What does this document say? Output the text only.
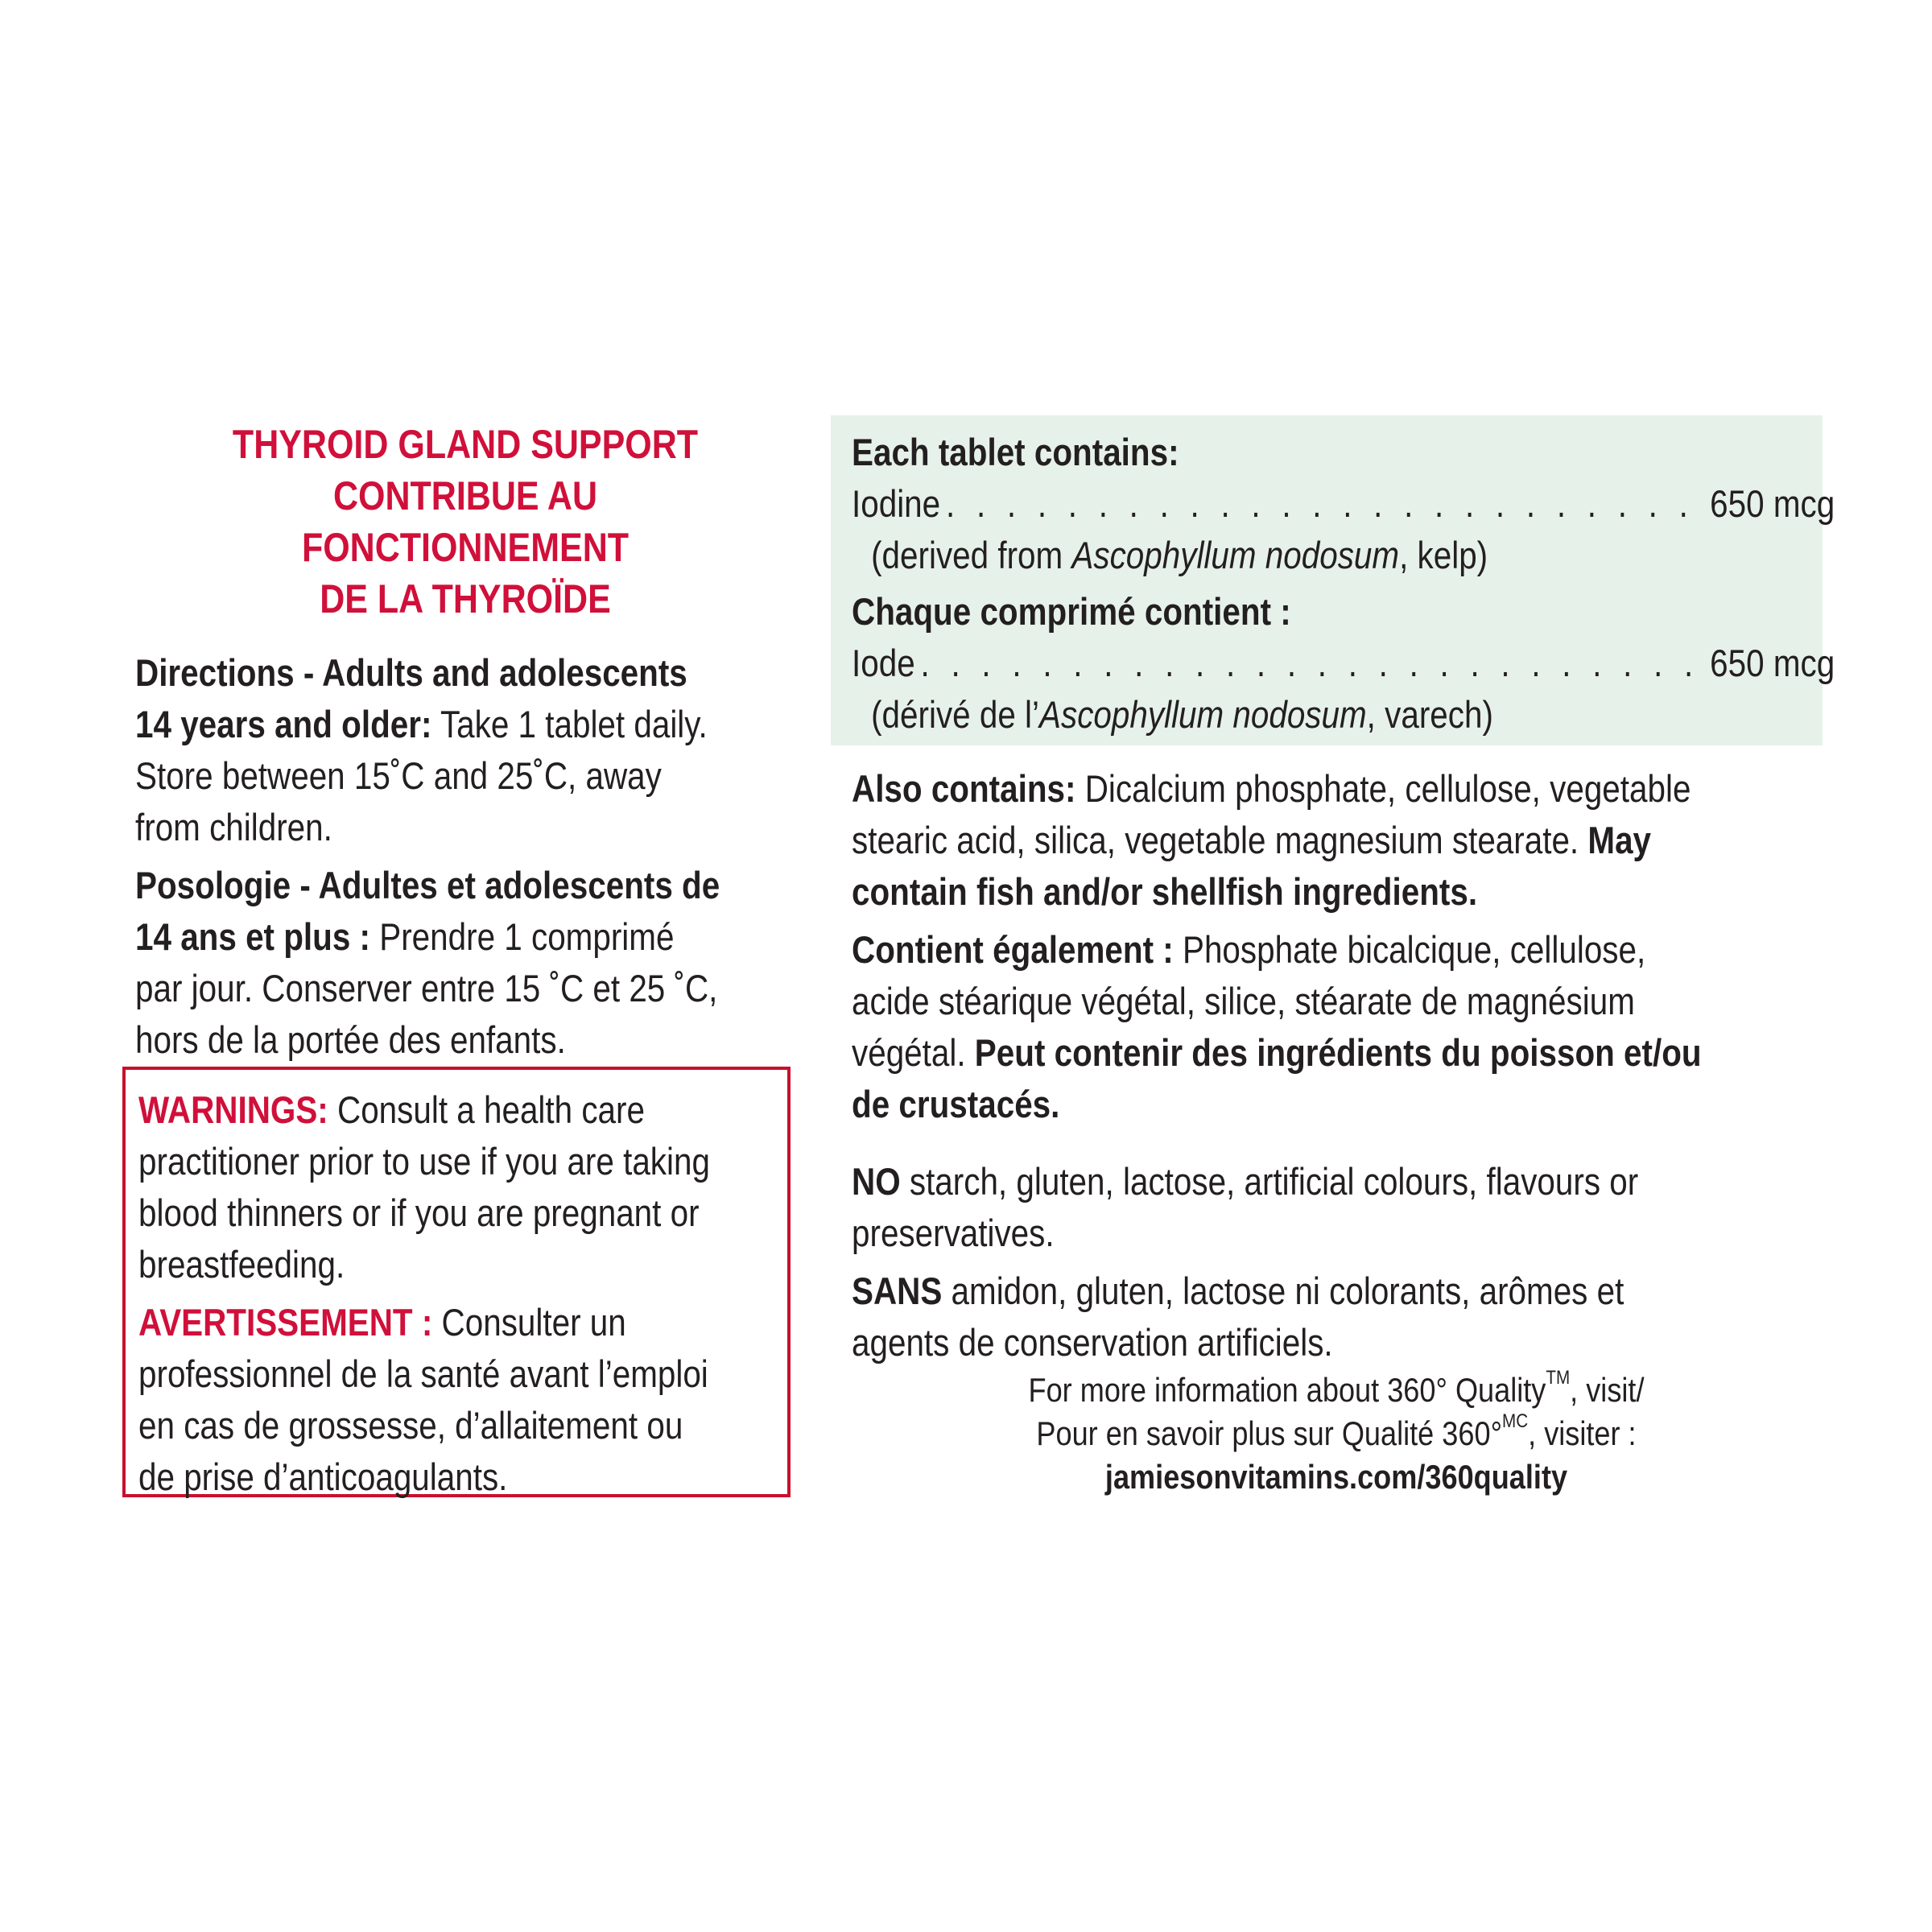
THYROID GLAND SUPPORT

CONTRIBUE AU FONCTIONNEMENT

DE LA THYROÏDE

Directions - Adults and adolescents
14 years and older: Take 1 tablet daily.
Store between 15˚C and 25˚C, away
from children.
Posologie - Adultes et adolescents de
14 ans et plus : Prendre 1 comprimé
par jour. Conserver entre 15 ˚C et 25 ˚C,
hors de la portée des enfants.
WARNINGS: Consult a health care
practitioner prior to use if you are taking
blood thinners or if you are pregnant or
breastfeeding.
AVERTISSEMENT : Consulter un
professionnel de la santé avant l’emploi
en cas de grossesse, d’allaitement ou
de prise d’anticoagulants.
Each tablet contains:
Iodine . . .	650 mcg
(derived from Ascophyllum nodosum, kelp)
Chaque comprimé contient :
Iode . . .	650 mcg
(dérivé de l’Ascophyllum nodosum, varech)
Also contains: Dicalcium phosphate, cellulose, vegetable
stearic acid, silica, vegetable magnesium stearate. May
contain fish and/or shellfish ingredients.
Contient également : Phosphate bicalcique, cellulose,
acide stéarique végétal, silice, stéarate de magnésium
végétal. Peut contenir des ingrédients du poisson et/ou
de crustacés.
NO starch, gluten, lactose, artificial colours, flavours or
preservatives.
SANS amidon, gluten, lactose ni colorants, arômes et
agents de conservation artificiels.

For more information about 360° Quality™, visit/

Pour en savoir plus sur Qualité 360°$^{MC}$, visiter :

jamiesonvitamins.com/360quality
